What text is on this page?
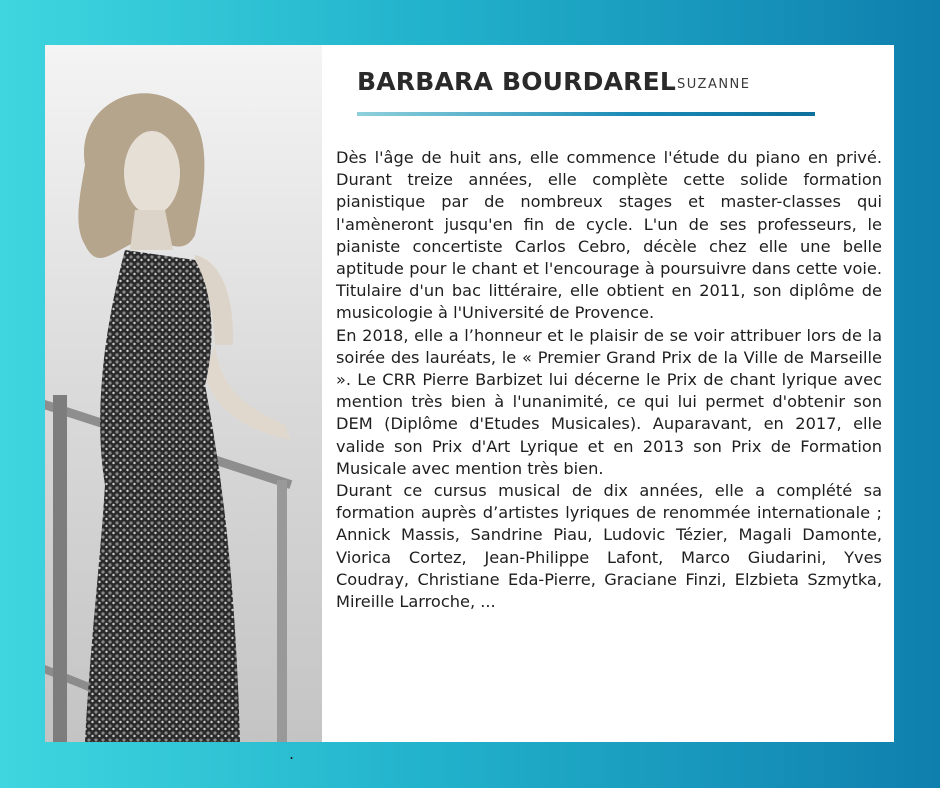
BARBARA BOURDAREL SUZANNE

Dès l'âge de huit ans, elle commence l'étude du piano en privé. Durant treize années, elle complète cette solide formation pianistique par de nombreux stages et master-classes qui l'amèneront jusqu'en fin de cycle. L'un de ses professeurs, le pianiste concertiste Carlos Cebro, décèle chez elle une belle aptitude pour le chant et l'encourage à poursuivre dans cette voie. Titulaire d'un bac littéraire, elle obtient en 2011, son diplôme de musicologie à l'Université de Provence.

En 2018, elle a l’honneur et le plaisir de se voir attribuer lors de la soirée des lauréats, le « Premier Grand Prix de la Ville de Marseille ». Le CRR Pierre Barbizet lui décerne le Prix de chant lyrique avec mention très bien à l'unanimité, ce qui lui permet d'obtenir son DEM (Diplôme d'Etudes Musicales). Auparavant, en 2017, elle valide son Prix d'Art Lyrique et en 2013 son Prix de Formation Musicale avec mention très bien.

Durant ce cursus musical de dix années, elle a complété sa formation auprès d’artistes lyriques de renommée internationale ; Annick Massis, Sandrine Piau, Ludovic Tézier, Magali Damonte, Viorica Cortez, Jean-Philippe Lafont, Marco Giudarini, Yves Coudray, Christiane Eda-Pierre, Graciane Finzi, Elzbieta Szmytka, Mireille Larroche, ...

.
